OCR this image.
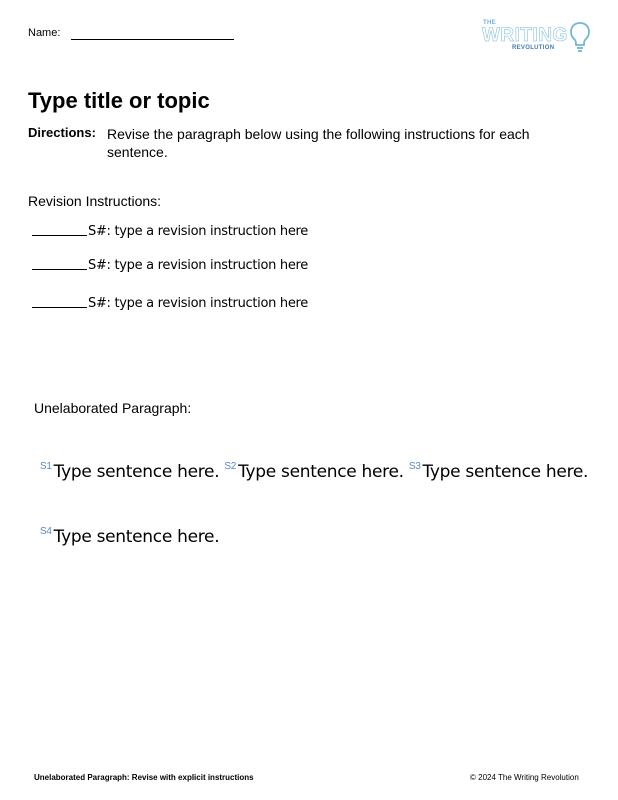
Name:
THE
WRITING
REVOLUTION
Type title or topic
Directions: Revise the paragraph below using the following instructions for each sentence.
Revision Instructions:
S#: type a revision instruction here
S#: type a revision instruction here
S#: type a revision instruction here
Unelaborated Paragraph:
$^{S1}$ Type sentence here. $^{S2}$ Type sentence here. $^{S3}$ Type sentence here. $^{S4}$ Type sentence here.
Unelaborated Paragraph: Revise with explicit instructions	© 2024 The Writing Revolution
